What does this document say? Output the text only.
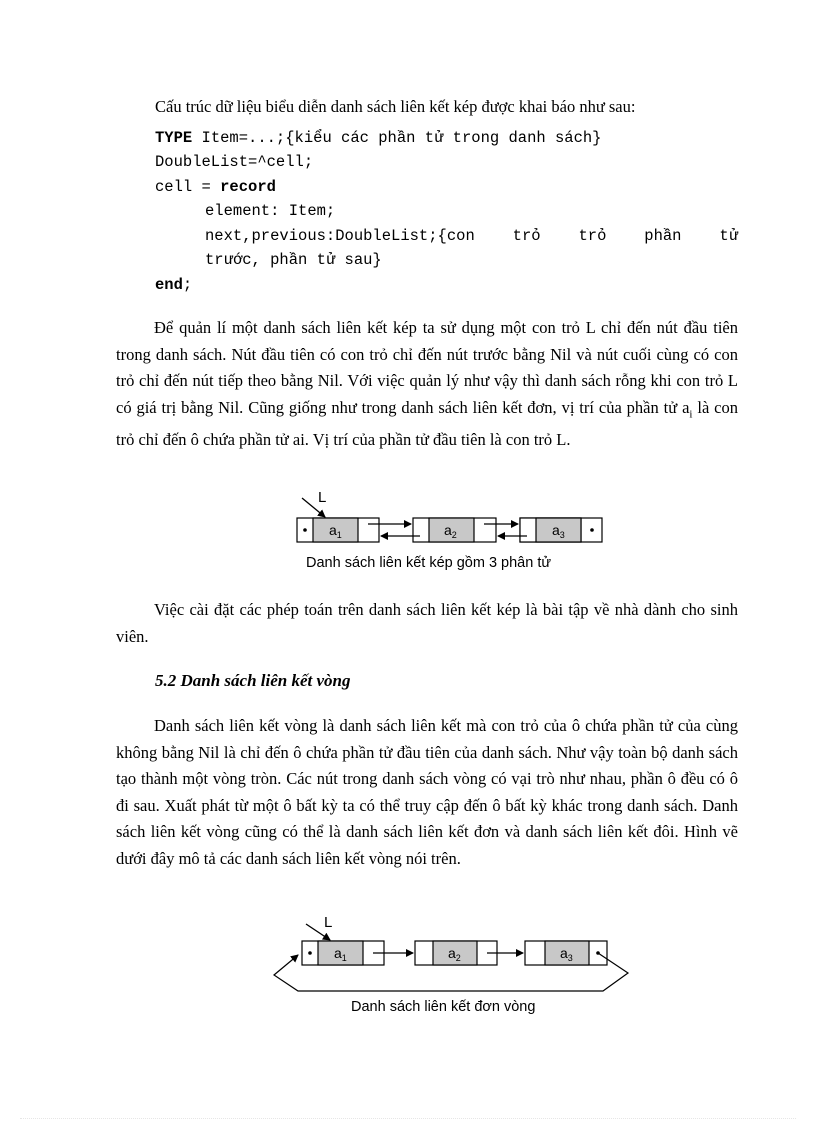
Cấu trúc dữ liệu biểu diễn danh sách liên kết kép được khai báo như sau:
TYPE Item=...;{kiểu các phần tử trong danh sách}
DoubleList=^cell;
cell = record
element: Item;
next,previous:DoubleList;{con trỏ trỏ phần tử
trước, phần tử sau}
end;
Để quản lí một danh sách liên kết kép ta sử dụng một con trỏ L chỉ đến nút đầu tiên trong danh sách. Nút đầu tiên có con trỏ chỉ đến nút trước bằng Nil và nút cuối cùng có con trỏ chỉ đến nút tiếp theo bằng Nil. Với việc quản lý như vậy thì danh sách rỗng khi con trỏ L có giá trị bằng Nil. Cũng giống như trong danh sách liên kết đơn, vị trí của phần tử $a_i$ là con trỏ chỉ đến ô chứa phần tử ai. Vị trí của phần tử đầu tiên là con trỏ L.
L
$a_1$	$a_2$	$a_3$
Danh sách liên kết kép gồm 3 phân tử
Việc cài đặt các phép toán trên danh sách liên kết kép là bài tập về nhà dành cho sinh viên.
5.2 Danh sách liên kết vòng
Danh sách liên kết vòng là danh sách liên kết mà con trỏ của ô chứa phần tử của cùng không bằng Nil là chỉ đến ô chứa phần tử đầu tiên của danh sách. Như vậy toàn bộ danh sách tạo thành một vòng tròn. Các nút trong danh sách vòng có vại trò như nhau, phần ô đều có ô đi sau. Xuất phát từ một ô bất kỳ ta có thể truy cập đến ô bất kỳ khác trong danh sách. Danh sách liên kết vòng cũng có thể là danh sách liên kết đơn và danh sách liên kết đôi. Hình vẽ dưới đây mô tả các danh sách liên kết vòng nói trên.
L
$a_1$	$a_2$	$a_3$
Danh sách liên kết đơn vòng
